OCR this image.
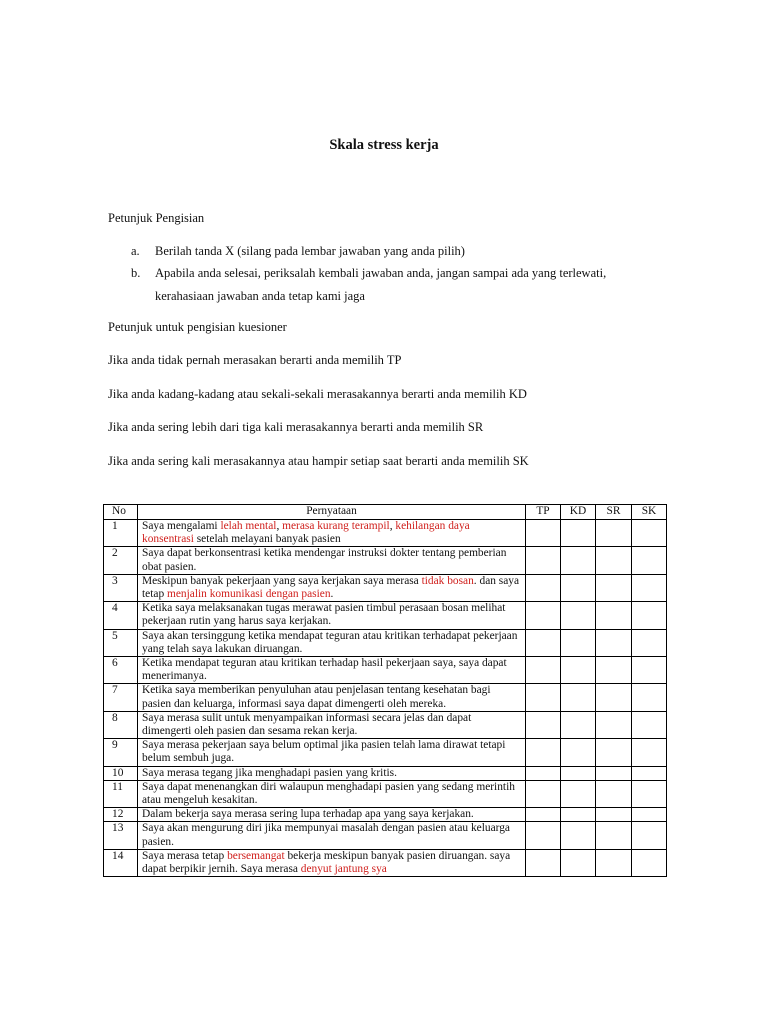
Skala stress kerja
Petunjuk Pengisian
a. Berilah tanda X (silang pada lembar jawaban yang anda pilih)
b. Apabila anda selesai, periksalah kembali jawaban anda, jangan sampai ada yang terlewati,
kerahasiaan jawaban anda tetap kami jaga
Petunjuk untuk pengisian kuesioner
Jika anda tidak pernah merasakan berarti anda memilih TP
Jika anda kadang-kadang atau sekali-sekali merasakannya berarti anda memilih KD
Jika anda sering lebih dari tiga kali merasakannya berarti anda memilih SR
Jika anda sering kali merasakannya atau hampir setiap saat berarti anda memilih SK
No	Pernyataan	TP	KD	SR	SK
1	Saya mengalami lelah mental, merasa kurang terampil, kehilangan daya konsentrasi setelah melayani banyak pasien				
2	Saya dapat berkonsentrasi ketika mendengar instruksi dokter tentang pemberian obat pasien.				
3	Meskipun banyak pekerjaan yang saya kerjakan saya merasa tidak bosan. dan saya tetap menjalin komunikasi dengan pasien.				
4	Ketika saya melaksanakan tugas merawat pasien timbul perasaan bosan melihat pekerjaan rutin yang harus saya kerjakan.				
5	Saya akan tersinggung ketika mendapat teguran atau kritikan terhadapat pekerjaan yang telah saya lakukan diruangan.				
6	Ketika mendapat teguran atau kritikan terhadap hasil pekerjaan saya, saya dapat menerimanya.				
7	Ketika saya memberikan penyuluhan atau penjelasan tentang kesehatan bagi pasien dan keluarga, informasi saya dapat dimengerti oleh mereka.				
8	Saya merasa sulit untuk menyampaikan informasi secara jelas dan dapat dimengerti oleh pasien dan sesama rekan kerja.				
9	Saya merasa pekerjaan saya belum optimal jika pasien telah lama dirawat tetapi belum sembuh juga.				
10	Saya merasa tegang jika menghadapi pasien yang kritis.				
11	Saya dapat menenangkan diri walaupun menghadapi pasien yang sedang merintih atau mengeluh kesakitan.				
12	Dalam bekerja saya merasa sering lupa terhadap apa yang saya kerjakan.				
13	Saya akan mengurung diri jika mempunyai masalah dengan pasien atau keluarga pasien.				
14	Saya merasa tetap bersemangat bekerja meskipun banyak pasien diruangan. saya dapat berpikir jernih. Saya merasa denyut jantung sya				
